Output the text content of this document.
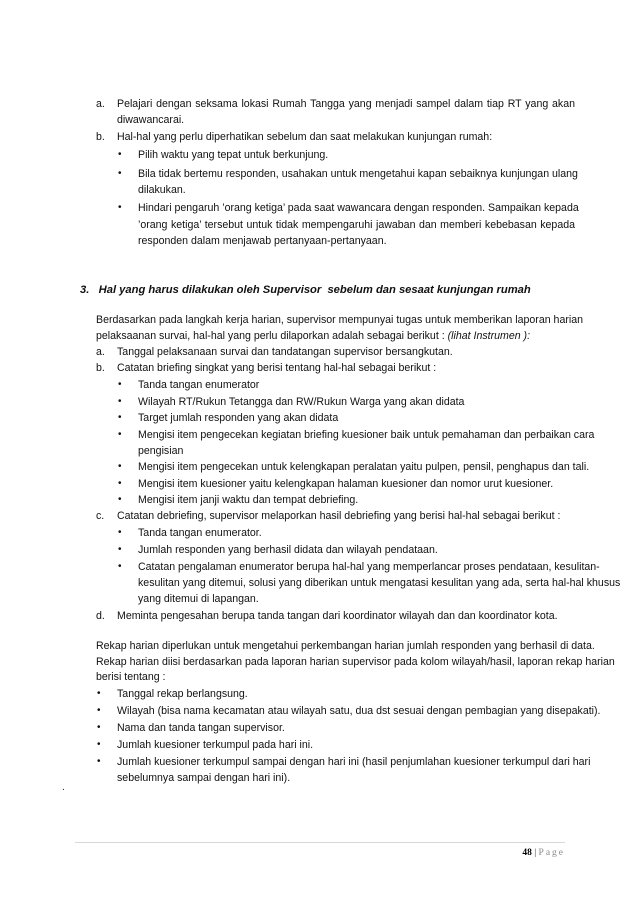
a. Pelajari dengan seksama lokasi Rumah Tangga yang menjadi sampel dalam tiap RT yang akan
diwawancarai.
b. Hal-hal yang perlu diperhatikan sebelum dan saat melakukan kunjungan rumah:
• Pilih waktu yang tepat untuk berkunjung.
• Bila tidak bertemu responden, usahakan untuk mengetahui kapan sebaiknya kunjungan ulang
dilakukan.
• Hindari pengaruh ’orang ketiga’ pada saat wawancara dengan responden. Sampaikan kepada
’orang ketiga’ tersebut untuk tidak mempengaruhi jawaban dan memberi kebebasan kepada
responden dalam menjawab pertanyaan-pertanyaan.
3.   Hal yang harus dilakukan oleh Supervisor  sebelum dan sesaat kunjungan rumah
Berdasarkan pada langkah kerja harian, supervisor mempunyai tugas untuk memberikan laporan harian
pelaksaanan survai, hal-hal yang perlu dilaporkan adalah sebagai berikut : (lihat Instrumen ):
a. Tanggal pelaksanaan survai dan tandatangan supervisor bersangkutan.
b. Catatan briefing singkat yang berisi tentang hal-hal sebagai berikut :
• Tanda tangan enumerator
• Wilayah RT/Rukun Tetangga dan RW/Rukun Warga yang akan didata
• Target jumlah responden yang akan didata
• Mengisi item pengecekan kegiatan briefing kuesioner baik untuk pemahaman dan perbaikan cara
pengisian
• Mengisi item pengecekan untuk kelengkapan peralatan yaitu pulpen, pensil, penghapus dan tali.
• Mengisi item kuesioner yaitu kelengkapan halaman kuesioner dan nomor urut kuesioner.
• Mengisi item janji waktu dan tempat debriefing.
c. Catatan debriefing, supervisor melaporkan hasil debriefing yang berisi hal-hal sebagai berikut :
• Tanda tangan enumerator.
• Jumlah responden yang berhasil didata dan wilayah pendataan.
• Catatan pengalaman enumerator berupa hal-hal yang memperlancar proses pendataan, kesulitan-
kesulitan yang ditemui, solusi yang diberikan untuk mengatasi kesulitan yang ada, serta hal-hal khusus
yang ditemui di lapangan.
d. Meminta pengesahan berupa tanda tangan dari koordinator wilayah dan dan koordinator kota.
Rekap harian diperlukan untuk mengetahui perkembangan harian jumlah responden yang berhasil di data.
Rekap harian diisi berdasarkan pada laporan harian supervisor pada kolom wilayah/hasil, laporan rekap harian
berisi tentang :
• Tanggal rekap berlangsung.
• Wilayah (bisa nama kecamatan atau wilayah satu, dua dst sesuai dengan pembagian yang disepakati).
• Nama dan tanda tangan supervisor.
• Jumlah kuesioner terkumpul pada hari ini.
• Jumlah kuesioner terkumpul sampai dengan hari ini (hasil penjumlahan kuesioner terkumpul dari hari
sebelumnya sampai dengan hari ini).
.
48 | Page
